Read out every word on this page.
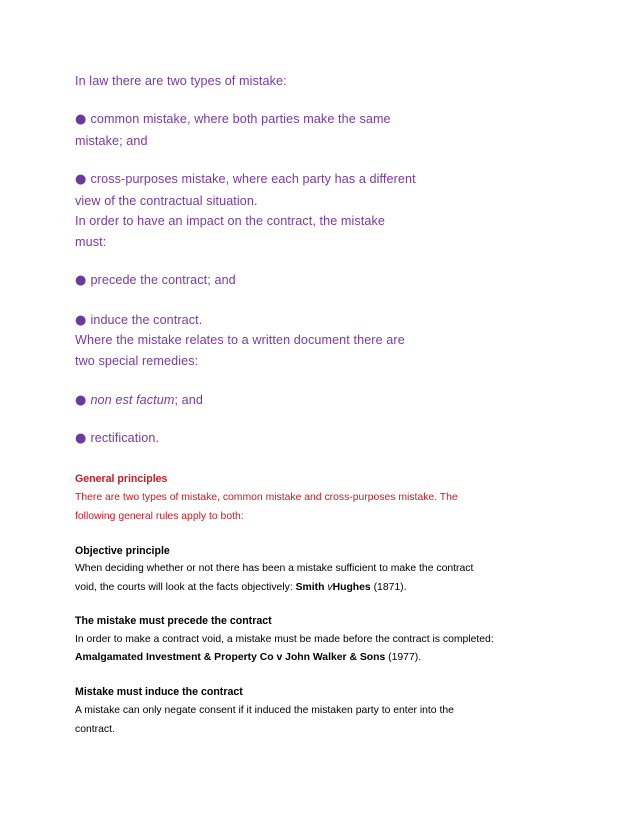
In law there are two types of mistake:

● common mistake, where both parties make the same

mistake; and

● cross-purposes mistake, where each party has a different

view of the contractual situation.

In order to have an impact on the contract, the mistake

must:

● precede the contract; and

● induce the contract.

Where the mistake relates to a written document there are

two special remedies:

● non est factum; and

● rectification.

General principles

There are two types of mistake, common mistake and cross-purposes mistake. The

following general rules apply to both:

Objective principle

When deciding whether or not there has been a mistake sufficient to make the contract

void, the courts will look at the facts objectively: Smith vHughes (1871).

The mistake must precede the contract

In order to make a contract void, a mistake must be made before the contract is completed:

Amalgamated Investment & Property Co v John Walker & Sons (1977).

Mistake must induce the contract

A mistake can only negate consent if it induced the mistaken party to enter into the

contract.
